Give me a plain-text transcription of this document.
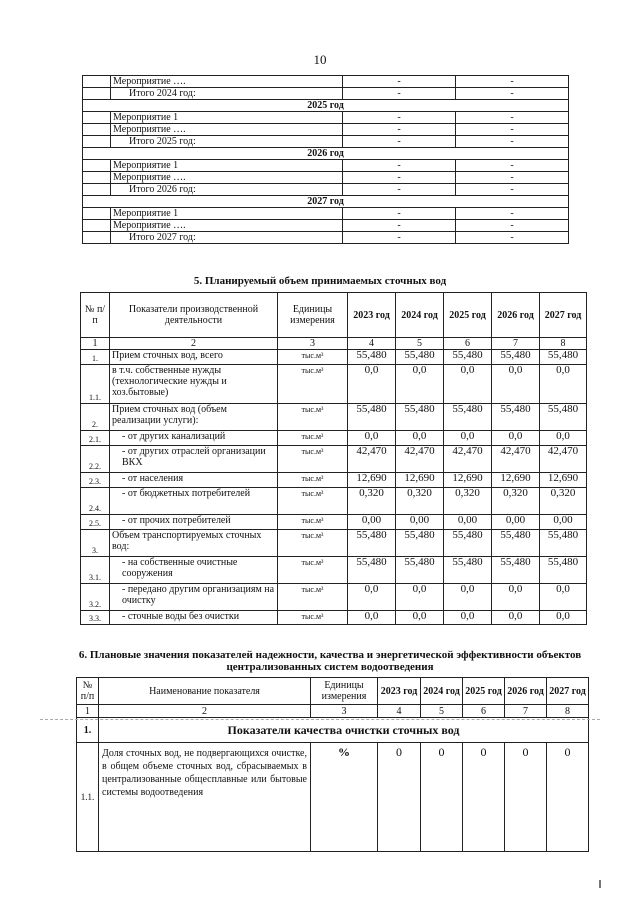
10
	Мероприятие ….	-	-
	Итого 2024 год:	-	-
2025 год			
	Мероприятие 1	-	-
	Мероприятие ….	-	-
	Итого 2025 год:	-	-
2026 год			
	Мероприятие 1	-	-
	Мероприятие ….	-	-
	Итого 2026 год:	-	-
2027 год			
	Мероприятие 1	-	-
	Мероприятие ….	-	-
	Итого 2027 год:	-	-
5. Планируемый объем принимаемых сточных вод
№ п/п	Показатели производственной деятельности	Единицы измерения	2023 год	2024 год	2025 год	2026 год	2027 год
1	2	3	4	5	6	7	8
1.	Прием сточных вод, всего	тыс.м³	55,480	55,480	55,480	55,480	55,480
1.1.	в т.ч. собственные нужды (технологические нужды и хоз.бытовые)	тыс.м³	0,0	0,0	0,0	0,0	0,0
2.	Прием сточных вод (объем реализации услуги):	тыс.м³	55,480	55,480	55,480	55,480	55,480
2.1.	- от других канализаций	тыс.м³	0,0	0,0	0,0	0,0	0,0
2.2.	- от других отраслей организации ВКХ	тыс.м³	42,470	42,470	42,470	42,470	42,470
2.3.	- от населения	тыс.м³	12,690	12,690	12,690	12,690	12,690
2.4.	- от бюджетных потребителей	тыс.м³	0,320	0,320	0,320	0,320	0,320
2.5.	- от прочих потребителей	тыс.м³	0,00	0,00	0,00	0,00	0,00
3.	Объем транспортируемых сточных вод:	тыс.м³	55,480	55,480	55,480	55,480	55,480
3.1.	- на собственные очистные сооружения	тыс.м³	55,480	55,480	55,480	55,480	55,480
3.2.	- передано другим организациям на очистку	тыс.м³	0,0	0,0	0,0	0,0	0,0
3.3.	- сточные воды без очистки	тыс.м³	0,0	0,0	0,0	0,0	0,0
6. Плановые значения показателей надежности, качества и энергетической эффективности объектов централизованных систем водоотведения
№ п/п	Наименование показателя	Единицы измерения	2023 год	2024 год	2025 год	2026 год	2027 год
1	2	3	4	5	6	7	8
1.	Показатели качества очистки сточных вод						
1.1.	Доля сточных вод, не подвергающихся очистке, в общем объеме сточных вод, сбрасываемых в централизованные общесплавные или бытовые системы водоотведения	%	0	0	0	0	0
